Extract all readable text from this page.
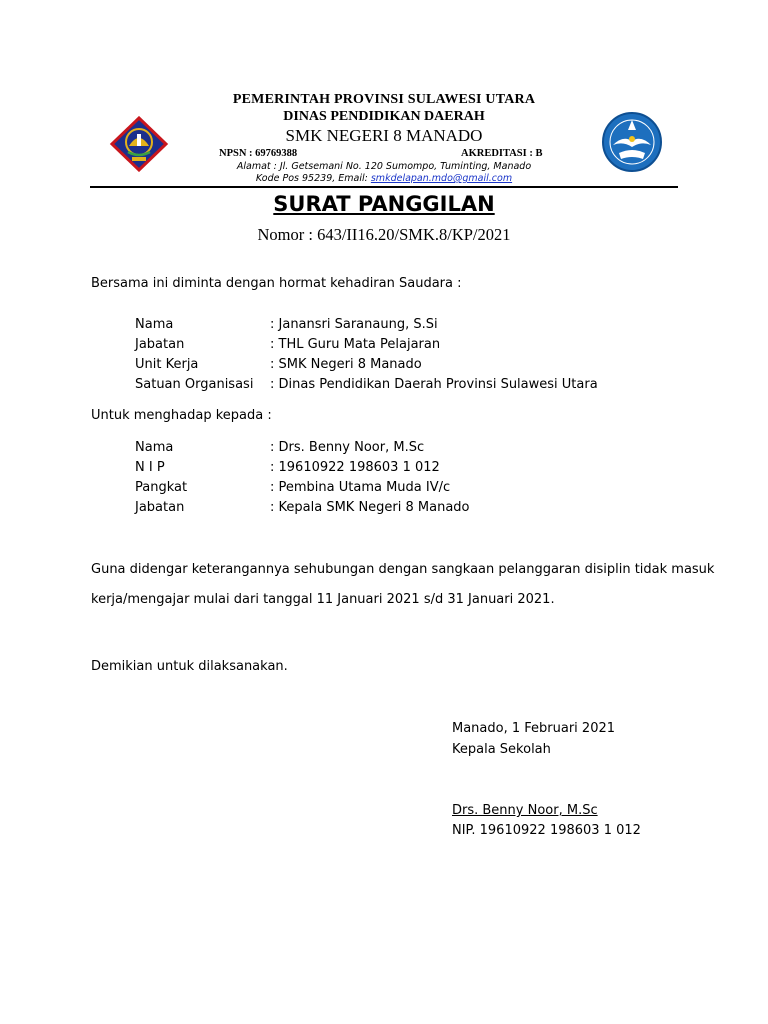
PEMERINTAH PROVINSI SULAWESI UTARA
DINAS PENDIDIKAN DAERAH
SMK NEGERI 8 MANADO
NPSN : 69769388	AKREDITASI : B
Alamat : Jl. Getsemani No. 120 Sumompo, Tuminting, Manado
Kode Pos 95239, Email: smkdelapan.mdo@gmail.com
SURAT PANGGILAN
Nomor : 643/II16.20/SMK.8/KP/2021
Bersama ini diminta dengan hormat kehadiran Saudara :
Nama	: Janansri Saranaung, S.Si
Jabatan	: THL Guru Mata Pelajaran
Unit Kerja	: SMK Negeri 8 Manado
Satuan Organisasi : Dinas Pendidikan Daerah Provinsi Sulawesi Utara
Untuk menghadap kepada :
Nama	: Drs. Benny Noor, M.Sc
N I P	: 19610922 198603 1 012
Pangkat	: Pembina Utama Muda IV/c
Jabatan	: Kepala SMK Negeri 8 Manado
Guna didengar keterangannya sehubungan dengan sangkaan pelanggaran disiplin tidak masuk
kerja/mengajar mulai dari tanggal 11 Januari 2021 s/d 31 Januari 2021.
Demikian untuk dilaksanakan.
Manado, 1 Februari 2021
Kepala Sekolah
Drs. Benny Noor, M.Sc
NIP. 19610922 198603 1 012
